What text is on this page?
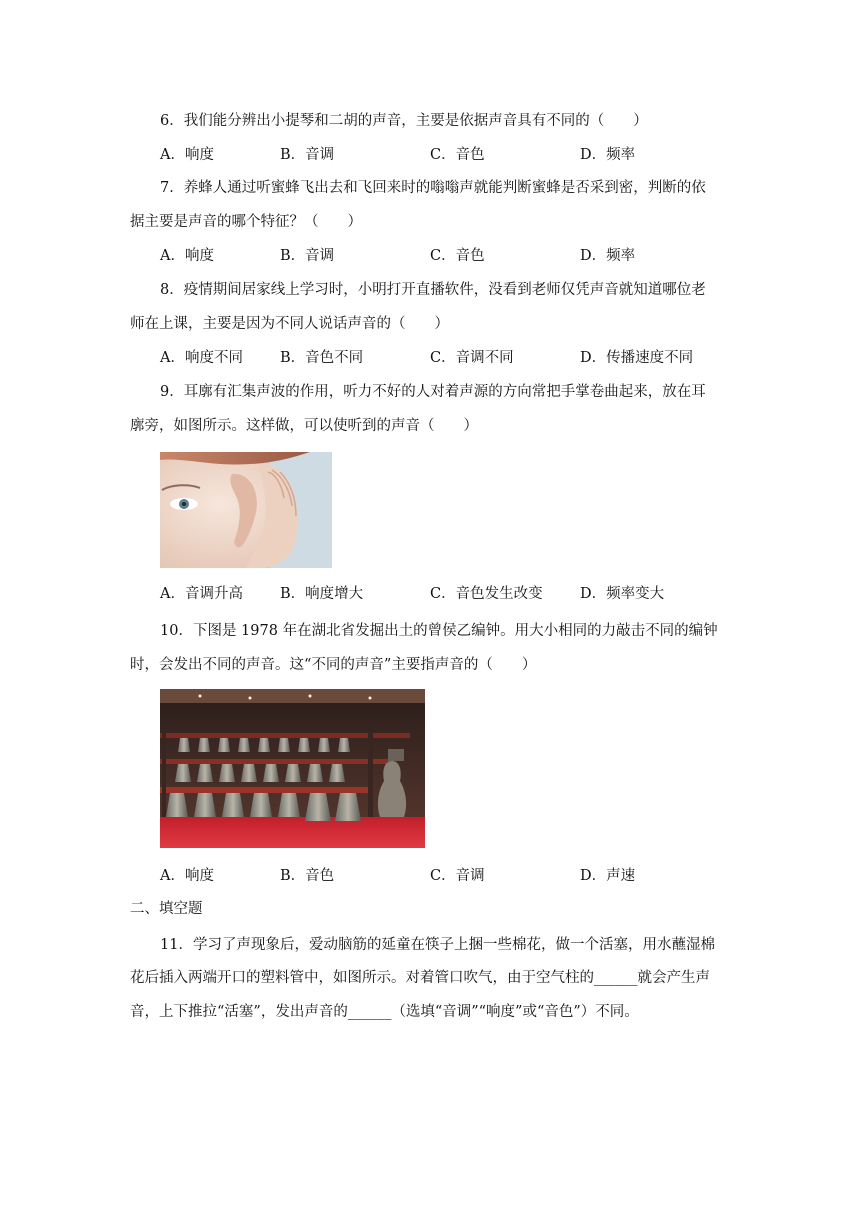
6．我们能分辨出小提琴和二胡的声音，主要是依据声音具有不同的（　　）
A．响度	B．音调	C．音色	D．频率
7．养蜂人通过听蜜蜂飞出去和飞回来时的嗡嗡声就能判断蜜蜂是否采到密，判断的依
据主要是声音的哪个特征？（　　）
A．响度	B．音调	C．音色	D．频率
8．疫情期间居家线上学习时，小明打开直播软件，没看到老师仅凭声音就知道哪位老
师在上课，主要是因为不同人说话声音的（　　）
A．响度不同	B．音色不同	C．音调不同	D．传播速度不同
9．耳廓有汇集声波的作用，听力不好的人对着声源的方向常把手掌卷曲起来，放在耳
廓旁，如图所示。这样做，可以使听到的声音（　　）
A．音调升高	B．响度增大	C．音色发生改变	D．频率变大
10．下图是 1978 年在湖北省发掘出土的曾侯乙编钟。用大小相同的力敲击不同的编钟
时，会发出不同的声音。这“不同的声音”主要指声音的（　　）
A．响度	B．音色	C．音调	D．声速
二、填空题
11．学习了声现象后，爱动脑筋的延童在筷子上捆一些棉花，做一个活塞，用水蘸湿棉
花后插入两端开口的塑料管中，如图所示。对着管口吹气，由于空气柱的______就会产生声
音，上下推拉“活塞”，发出声音的______（选填“音调”“响度”或“音色”）不同。
